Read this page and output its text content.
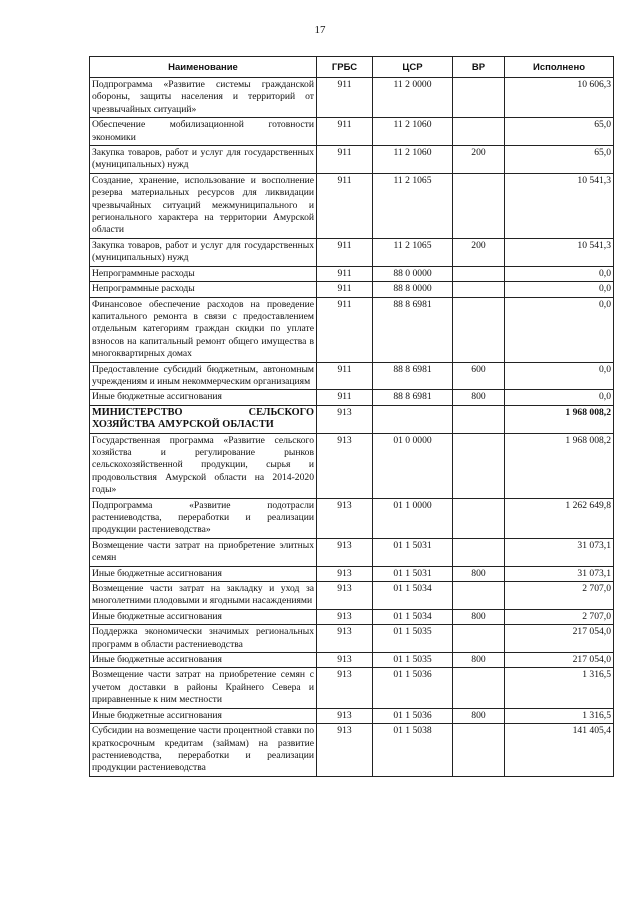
17
Наименование	ГРБС	ЦСР	ВР	Исполнено
Подпрограмма «Развитие системы гражданской обороны, защиты населения и территорий от чрезвычайных ситуаций»	911	11 2 0000		10 606,3
Обеспечение мобилизационной готовности экономики	911	11 2 1060		65,0
Закупка товаров, работ и услуг для государственных (муниципальных) нужд	911	11 2 1060	200	65,0
Создание, хранение, использование и восполнение резерва материальных ресурсов для ликвидации чрезвычайных ситуаций межмуниципального и регионального характера на территории Амурской области	911	11 2 1065		10 541,3
Закупка товаров, работ и услуг для государственных (муниципальных) нужд	911	11 2 1065	200	10 541,3
Непрограммные расходы	911	88 0 0000		0,0
Непрограммные расходы	911	88 8 0000		0,0
Финансовое обеспечение расходов на проведение капитального ремонта в связи с предоставлением отдельным категориям граждан скидки по уплате взносов на капитальный ремонт общего имущества в многоквартирных домах	911	88 8 6981		0,0
Предоставление субсидий бюджетным, автономным учреждениям и иным некоммерческим организациям	911	88 8 6981	600	0,0
Иные бюджетные ассигнования	911	88 8 6981	800	0,0
МИНИСТЕРСТВО СЕЛЬСКОГО ХОЗЯЙСТВА АМУРСКОЙ ОБЛАСТИ	913			1 968 008,2
Государственная программа «Развитие сельского хозяйства и регулирование рынков сельскохозяйственной продукции, сырья и продовольствия Амурской области на 2014-2020 годы»	913	01 0 0000		1 968 008,2
Подпрограмма «Развитие подотрасли растениеводства, переработки и реализации продукции растениеводства»	913	01 1 0000		1 262 649,8
Возмещение части затрат на приобретение элитных семян	913	01 1 5031		31 073,1
Иные бюджетные ассигнования	913	01 1 5031	800	31 073,1
Возмещение части затрат на закладку и уход за многолетними плодовыми и ягодными насаждениями	913	01 1 5034		2 707,0
Иные бюджетные ассигнования	913	01 1 5034	800	2 707,0
Поддержка экономически значимых региональных программ в области растениеводства	913	01 1 5035		217 054,0
Иные бюджетные ассигнования	913	01 1 5035	800	217 054,0
Возмещение части затрат на приобретение семян с учетом доставки в районы Крайнего Севера и приравненные к ним местности	913	01 1 5036		1 316,5
Иные бюджетные ассигнования	913	01 1 5036	800	1 316,5
Субсидии на возмещение части процентной ставки по краткосрочным кредитам (займам) на развитие растениеводства, переработки и реализации продукции растениеводства	913	01 1 5038		141 405,4
